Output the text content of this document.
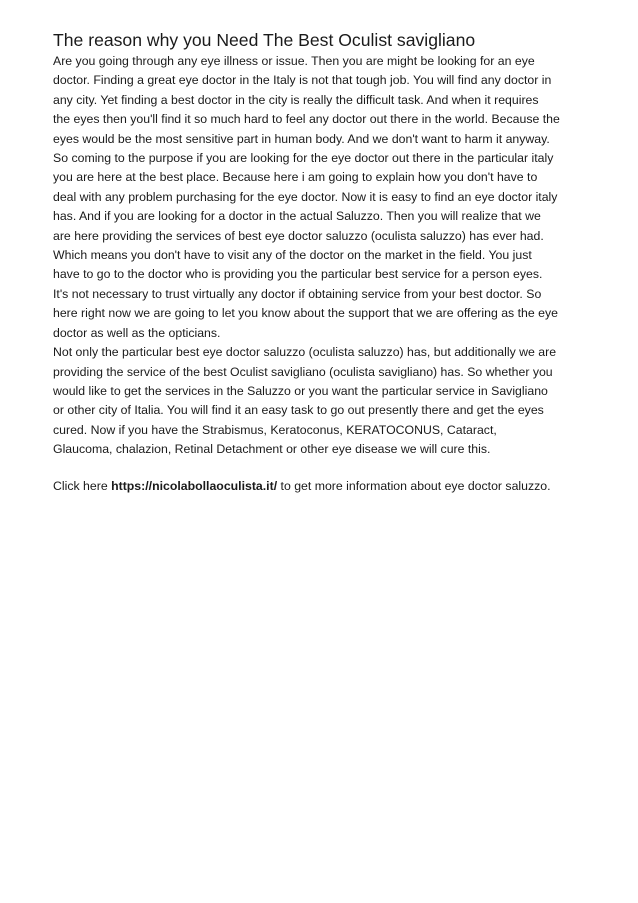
The reason why you Need The Best Oculist savigliano
Are you going through any eye illness or issue. Then you are might be looking for an eye
doctor. Finding a great eye doctor in the Italy is not that tough job. You will find any doctor in
any city. Yet finding a best doctor in the city is really the difficult task. And when it requires
the eyes then you'll find it so much hard to feel any doctor out there in the world. Because the
eyes would be the most sensitive part in human body. And we don't want to harm it anyway.
So coming to the purpose if you are looking for the eye doctor out there in the particular italy
you are here at the best place. Because here i am going to explain how you don't have to
deal with any problem purchasing for the eye doctor. Now it is easy to find an eye doctor italy
has. And if you are looking for a doctor in the actual Saluzzo. Then you will realize that we
are here providing the services of best eye doctor saluzzo (oculista saluzzo) has ever had.
Which means you don't have to visit any of the doctor on the market in the field. You just
have to go to the doctor who is providing you the particular best service for a person eyes.
It's not necessary to trust virtually any doctor if obtaining service from your best doctor. So
here right now we are going to let you know about the support that we are offering as the eye
doctor as well as the opticians.
Not only the particular best eye doctor saluzzo (oculista saluzzo) has, but additionally we are
providing the service of the best Oculist savigliano (oculista savigliano) has. So whether you
would like to get the services in the Saluzzo or you want the particular service in Savigliano
or other city of Italia. You will find it an easy task to go out presently there and get the eyes
cured. Now if you have the Strabismus, Keratoconus, KERATOCONUS, Cataract,
Glaucoma, chalazion, Retinal Detachment or other eye disease we will cure this.

Click here https://nicolabollaoculista.it/ to get more information about eye doctor saluzzo.
